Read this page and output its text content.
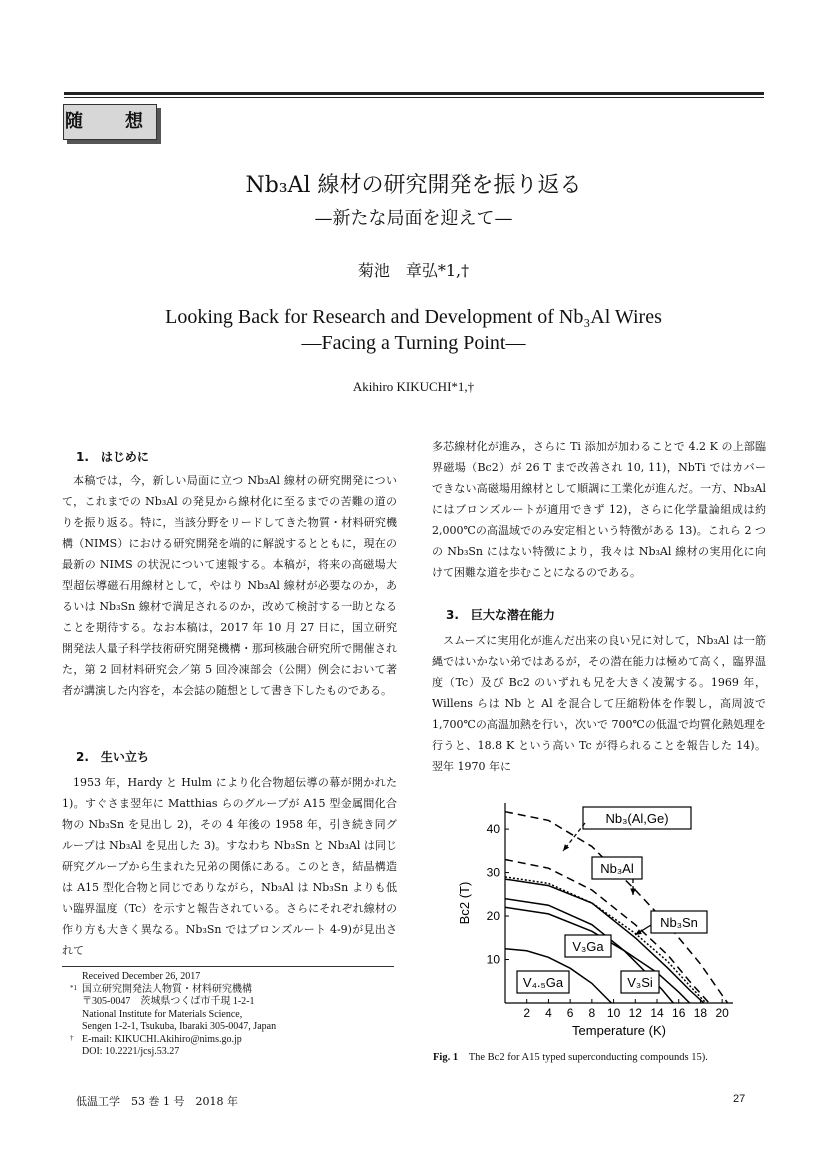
随　想
Nb₃Al 線材の研究開発を振り返る
—新たな局面を迎えて—
菊池　章弘*1,†
Looking Back for Research and Development of Nb₃Al Wires
—Facing a Turning Point—
Akihiro KIKUCHI*1,†
1.　はじめに
本稿では，今，新しい局面に立つ Nb₃Al 線材の研究開発について，これまでの Nb₃Al の発見から線材化に至るまでの苦難の道のりを振り返る。特に，当該分野をリードしてきた物質・材料研究機構（NIMS）における研究開発を端的に解説するとともに，現在の最新の NIMS の状況について速報する。本稿が，将来の高磁場大型超伝導磁石用線材として，やはり Nb₃Al 線材が必要なのか，あるいは Nb₃Sn 線材で満足されるのか，改めて検討する一助となることを期待する。なお本稿は，2017 年 10 月 27 日に，国立研究開発法人量子科学技術研究開発機構・那珂核融合研究所で開催された，第 2 回材料研究会／第 5 回冷凍部会（公開）例会において著者が講演した内容を，本会誌の随想として書き下したものである。
2.　生い立ち
1953 年，Hardy と Hulm により化合物超伝導の幕が開かれた 1)。すぐさま翌年に Matthias らのグループが A15 型金属間化合物の Nb₃Sn を見出し 2)，その 4 年後の 1958 年，引き続き同グループは Nb₃Al を見出した 3)。すなわち Nb₃Sn と Nb₃Al は同じ研究グループから生まれた兄弟の関係にある。このとき，結晶構造は A15 型化合物と同じでありながら，Nb₃Al は Nb₃Sn よりも低い臨界温度（Tc）を示すと報告されている。さらにそれぞれ線材の作り方も大きく異なる。Nb₃Sn ではブロンズルート 4-9)が見出されて
Received December 26, 2017
*1 国立研究開発法人物質・材料研究機構
〒305-0047　茨城県つくば市千現 1-2-1
National Institute for Materials Science,
Sengen 1-2-1, Tsukuba, Ibaraki 305-0047, Japan
† E-mail: KIKUCHI.Akihiro@nims.go.jp
DOI: 10.2221/jcsj.53.27
多芯線材化が進み，さらに Ti 添加が加わることで 4.2 K の上部臨界磁場（Bc2）が 26 T まで改善され 10, 11)，NbTi ではカバーできない高磁場用線材として順調に工業化が進んだ。一方、Nb₃Al にはブロンズルートが適用できず 12)，さらに化学量論組成は約 2,000℃の高温域でのみ安定相という特徴がある 13)。これら 2 つの Nb₃Sn にはない特徴により，我々は Nb₃Al 線材の実用化に向けて困難な道を歩むことになるのである。
3.　巨大な潜在能力
スムーズに実用化が進んだ出来の良い兄に対して，Nb₃Al は一筋縄ではいかない弟ではあるが，その潜在能力は極めて高く，臨界温度（Tc）及び Bc2 のいずれも兄を大きく凌駕する。1969 年，Willens らは Nb と Al を混合して圧縮粉体を作製し，高周波で 1,700℃の高温加熱を行い，次いで 700℃の低温で均質化熱処理を行うと、18.8 K という高い Tc が得られることを報告した 14)。翌年 1970 年に
2 4 6 8 10 12 14 16 18 20
10
20
30
40
Temperature (K)
Bc2 (T)
Nb₃(Al,Ge)
Nb₃Al
Nb₃Sn
V₃Ga
V₄.₅Ga	V₃Si
Fig. 1 The Bc2 for A15 typed superconducting compounds 15).
低温工学　53 巻 1 号　2018 年	27
